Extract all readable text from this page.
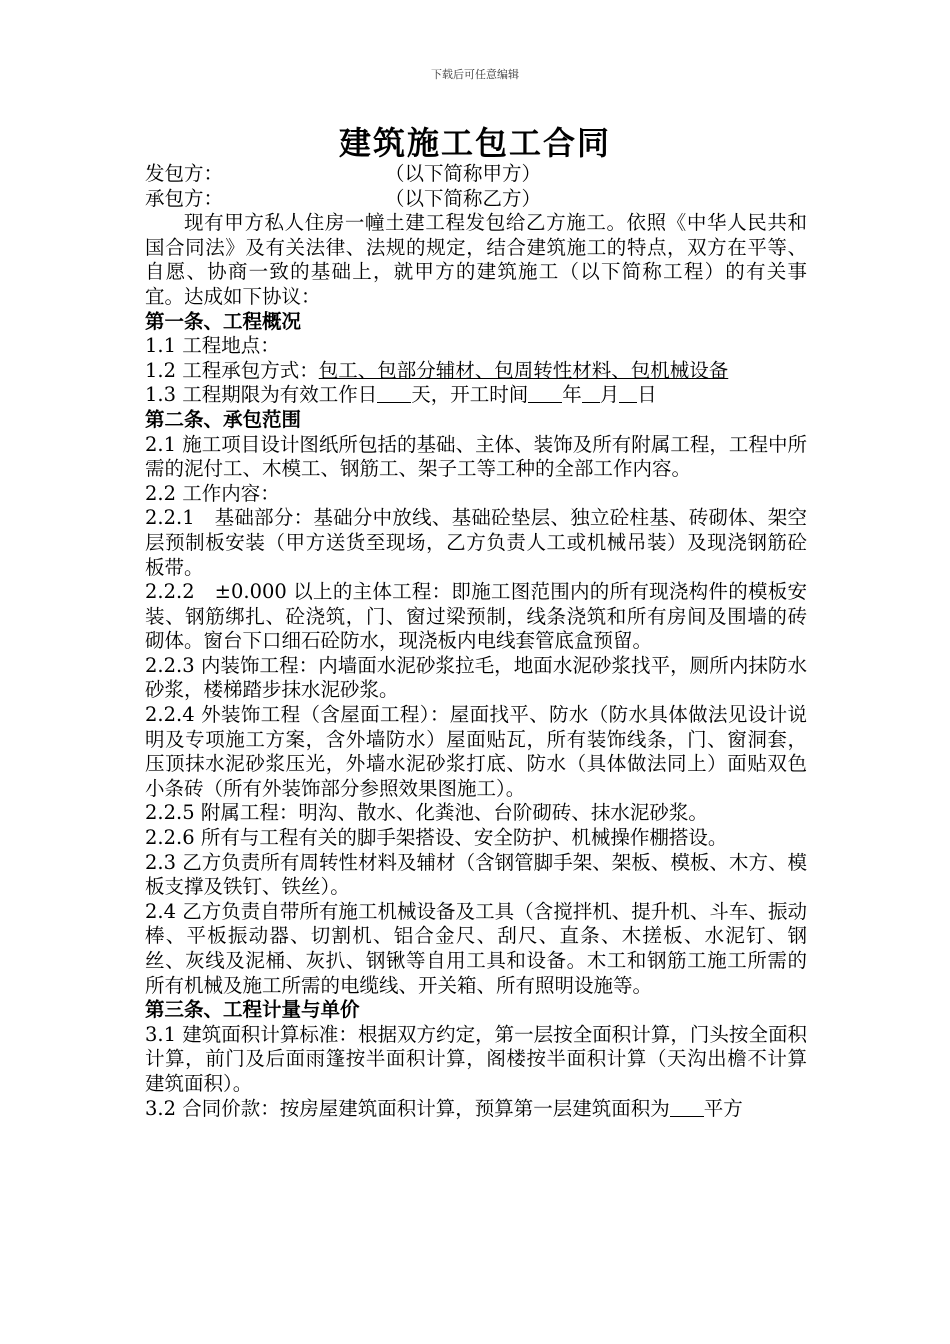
下载后可任意编辑
建筑施工包工合同

发包方：	（以下简称甲方）

承包方：	（以下简称乙方）

现有甲方私人住房一幢土建工程发包给乙方施工。依照《中华人民共和国合同法》及有关法律、法规的规定，结合建筑施工的特点，双方在平等、自愿、协商一致的基础上，就甲方的建筑施工（以下简称工程）的有关事宜。达成如下协议：

第一条、工程概况

1.1 工程地点：

1.2 工程承包方式：包工、包部分辅材、包周转性材料、包机械设备

1.3 工程期限为有效工作日 天，开工时间 年 月 日

第二条、承包范围

2.1 施工项目设计图纸所包括的基础、主体、装饰及所有附属工程，工程中所需的泥付工、木模工、钢筋工、架子工等工种的全部工作内容。

2.2 工作内容：

2.2.1　基础部分：基础分中放线、基础砼垫层、独立砼柱基、砖砌体、架空层预制板安装（甲方送货至现场，乙方负责人工或机械吊装）及现浇钢筋砼板带。

2.2.2　±0.000 以上的主体工程：即施工图范围内的所有现浇构件的模板安装、钢筋绑扎、砼浇筑，门、窗过梁预制，线条浇筑和所有房间及围墙的砖砌体。窗台下口细石砼防水，现浇板内电线套管底盒预留。

2.2.3 内装饰工程：内墙面水泥砂浆拉毛，地面水泥砂浆找平，厕所内抹防水砂浆，楼梯踏步抹水泥砂浆。

2.2.4 外装饰工程（含屋面工程）：屋面找平、防水（防水具体做法见设计说明及专项施工方案，含外墙防水）屋面贴瓦，所有装饰线条，门、窗洞套，压顶抹水泥砂浆压光，外墙水泥砂浆打底、防水（具体做法同上）面贴双色小条砖（所有外装饰部分参照效果图施工）。

2.2.5 附属工程：明沟、散水、化粪池、台阶砌砖、抹水泥砂浆。

2.2.6 所有与工程有关的脚手架搭设、安全防护、机械操作棚搭设。

2.3 乙方负责所有周转性材料及辅材（含钢管脚手架、架板、模板、木方、模板支撑及铁钉、铁丝）。

2.4 乙方负责自带所有施工机械设备及工具（含搅拌机、提升机、斗车、振动棒、平板振动器、切割机、铝合金尺、刮尺、直条、木搓板、水泥钉、钢丝、灰线及泥桶、灰扒、钢锹等自用工具和设备。木工和钢筋工施工所需的所有机械及施工所需的电缆线、开关箱、所有照明设施等。

第三条、工程计量与单价

3.1 建筑面积计算标准：根据双方约定，第一层按全面积计算，门头按全面积计算，前门及后面雨篷按半面积计算，阁楼按半面积计算（天沟出檐不计算建筑面积）。

3.2 合同价款：按房屋建筑面积计算，预算第一层建筑面积为 平方
